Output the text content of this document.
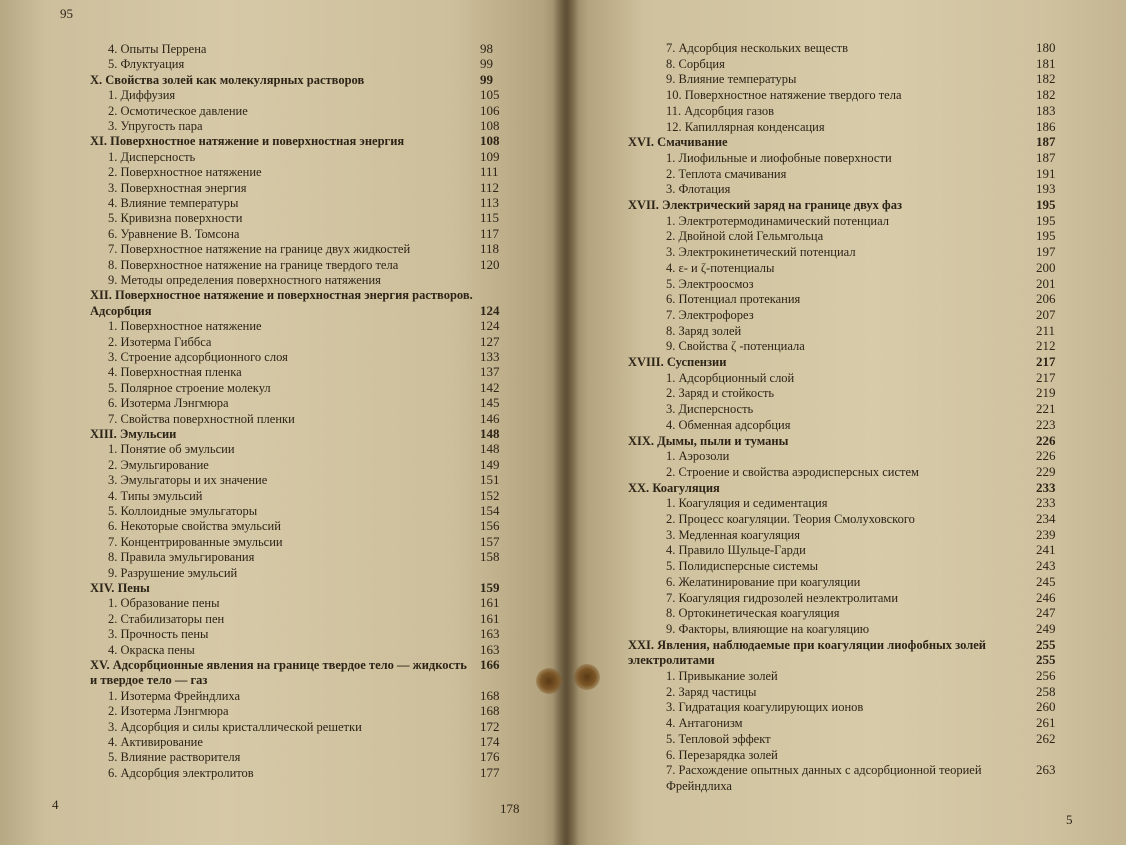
95
4. Опыты Перрена	98
5. Флуктуация	99
X. Свойства золей как молекулярных растворов	99
1. Диффузия	105
2. Осмотическое давление	106
3. Упругость пара	108
XI. Поверхностное натяжение и поверхностная энергия	108
1. Дисперсность	109
2. Поверхностное натяжение	111
3. Поверхностная энергия	112
4. Влияние температуры	113
5. Кривизна поверхности	115
6. Уравнение В. Томсона	117
7. Поверхностное натяжение на границе двух жидкостей	118
8. Поверхностное натяжение на границе твердого тела	120
9. Методы определения поверхностного натяжения
XII. Поверхностное натяжение и поверхностная энергия растворов.
Адсорбция	124
1. Поверхностное натяжение	124
2. Изотерма Гиббса	127
3. Строение адсорбционного слоя	133
4. Поверхностная пленка	137
5. Полярное строение молекул	142
6. Изотерма Лэнгмюра	145
7. Свойства поверхностной пленки	146
XIII. Эмульсии	148
1. Понятие об эмульсии	148
2. Эмульгирование	149
3. Эмульгаторы и их значение	151
4. Типы эмульсий	152
5. Коллоидные эмульгаторы	154
6. Некоторые свойства эмульсий	156
7. Концентрированные эмульсии	157
8. Правила эмульгирования	158
9. Разрушение эмульсий
XIV. Пены	159
1. Образование пены	161
2. Стабилизаторы пен	161
3. Прочность пены	163
4. Окраска пены	163
XV. Адсорбционные явления на границе твердое тело — жидкость	166
и твердое тело — газ
1. Изотерма Фрейндлиха	168
2. Изотерма Лэнгмюра	168
3. Адсорбция и силы кристаллической решетки	172
4. Активирование	174
5. Влияние растворителя	176
6. Адсорбция электролитов	177
178
4
7. Адсорбция нескольких веществ	180
8. Сорбция	181
9. Влияние температуры	182
10. Поверхностное натяжение твердого тела	182
11. Адсорбция газов	183
12. Капиллярная конденсация	186
XVI. Смачивание	187
1. Лиофильные и лиофобные поверхности	187
2. Теплота смачивания	191
3. Флотация	193
XVII. Электрический заряд на границе двух фаз	195
1. Электротермодинамический потенциал	195
2. Двойной слой Гельмгольца	195
3. Электрокинетический потенциал	197
4. ε- и ζ-потенциалы	200
5. Электроосмоз	201
6. Потенциал протекания	206
7. Электрофорез	207
8. Заряд золей	211
9. Свойства ζ -потенциала	212
XVIII. Суспензии	217
1. Адсорбционный слой	217
2. Заряд и стойкость	219
3. Дисперсность	221
4. Обменная адсорбция	223
XIX. Дымы, пыли и туманы	226
1. Аэрозоли	226
2. Строение и свойства аэродисперсных систем	229
XX. Коагуляция	233
1. Коагуляция и седиментация	233
2. Процесс коагуляции. Теория Смолуховского	234
3. Медленная коагуляция	239
4. Правило Шульце-Гарди	241
5. Полидисперсные системы	243
6. Желатинирование при коагуляции	245
7. Коагуляция гидрозолей неэлектролитами	246
8. Ортокинетическая коагуляция	247
9. Факторы, влияющие на коагуляцию	249
XXI. Явления, наблюдаемые при коагуляции лиофобных золей	255
электролитами	255
1. Привыкание золей	256
2. Заряд частицы	258
3. Гидратация коагулирующих ионов	260
4. Антагонизм	261
5. Тепловой эффект	262
6. Перезарядка золей
7. Расхождение опытных данных с адсорбционной теорией	263
Фрейндлиха
5
